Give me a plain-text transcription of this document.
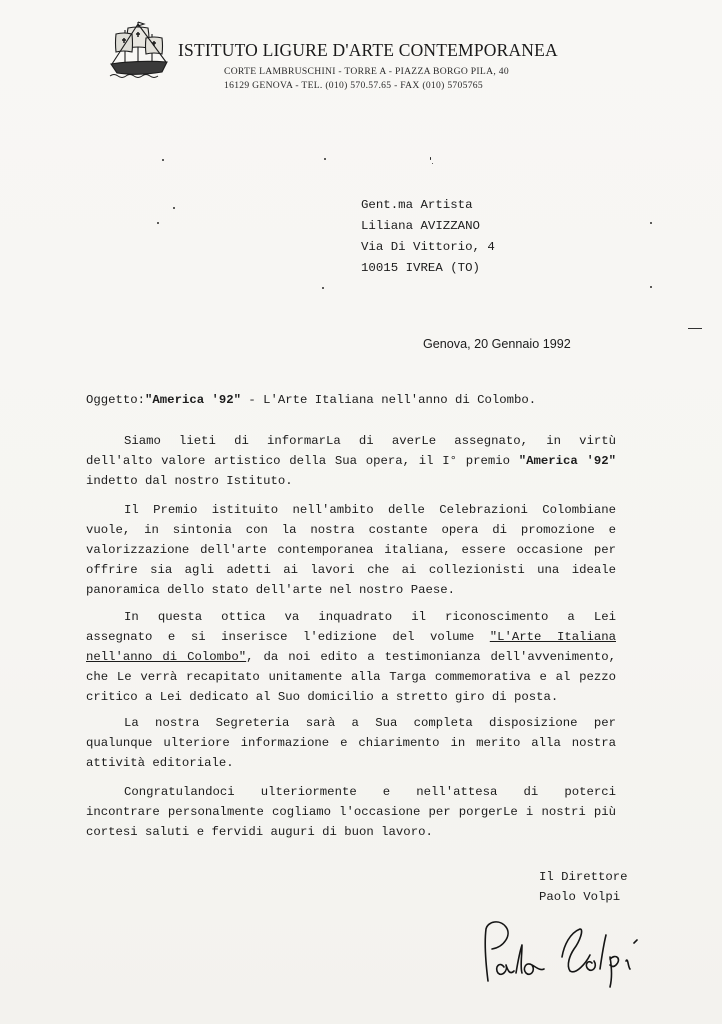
ISTITUTO LIGURE D'ARTE CONTEMPORANEA
CORTE LAMBRUSCHINI - TORRE A - PIAZZA BORGO PILA, 40
16129 GENOVA - TEL. (010) 570.57.65 - FAX (010) 5705765
Gent.ma Artista
Liliana AVIZZANO
Via Di Vittorio, 4
10015 IVREA (TO)
Genova, 20 Gennaio 1992
Oggetto:"America '92" - L'Arte Italiana nell'anno di Colombo.
Siamo lieti di informarLa di averLe assegnato, in virtù
dell'alto valore artistico della Sua opera, il I° premio "America '92"
indetto dal nostro Istituto.
Il Premio istituito nell'ambito delle Celebrazioni Colombiane
vuole, in sintonia con la nostra costante opera di promozione e
valorizzazione dell'arte contemporanea italiana, essere occasione per
offrire sia agli adetti ai lavori che ai collezionisti una ideale
panoramica dello stato dell'arte nel nostro Paese.
In questa ottica va inquadrato il riconoscimento a Lei
assegnato e si inserisce l'edizione del volume "L'Arte Italiana
nell'anno di Colombo", da noi edito a testimonianza dell'avvenimento,
che Le verrà recapitato unitamente alla Targa commemorativa e al pezzo
critico a Lei dedicato al Suo domicilio a stretto giro di posta.
La nostra Segreteria sarà a Sua completa disposizione per
qualunque ulteriore informazione e chiarimento in merito alla nostra
attività editoriale.
Congratulandoci ulteriormente e nell'attesa di poterci
incontrare personalmente cogliamo l'occasione per porgerLe i nostri più
cortesi saluti e fervidi auguri di buon lavoro.
Il Direttore
Paolo Volpi
